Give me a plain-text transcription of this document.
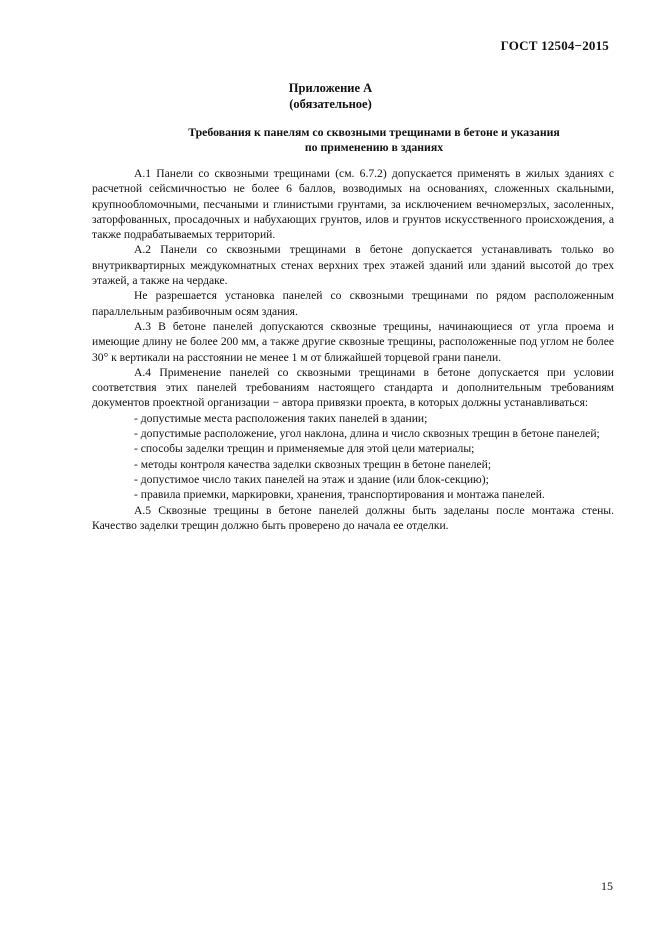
ГОСТ 12504−2015
Приложение А
(обязательное)
Требования к панелям со сквозными трещинами в бетоне и указания
по применению в зданиях

А.1 Панели со сквозными трещинами (см. 6.7.2) допускается применять в жилых зданиях с расчетной сейсмичностью не более 6 баллов, возводимых на основаниях, сложенных скальными, крупнообломочными, песчаными и глинистыми грунтами, за исключением вечномерзлых, засоленных, заторфованных, просадочных и набухающих грунтов, илов и грунтов искусственного происхождения, а также подрабатываемых территорий.

А.2 Панели со сквозными трещинами в бетоне допускается устанавливать только во внутриквартирных междукомнатных стенах верхних трех этажей зданий или зданий высотой до трех этажей, а также на чердаке.

Не разрешается установка панелей со сквозными трещинами по рядом расположенным параллельным разбивочным осям здания.

А.3 В бетоне панелей допускаются сквозные трещины, начинающиеся от угла проема и имеющие длину не более 200 мм, а также другие сквозные трещины, расположенные под углом не более 30° к вертикали на расстоянии не менее 1 м от ближайшей торцевой грани панели.

А.4 Применение панелей со сквозными трещинами в бетоне допускается при условии соответствия этих панелей требованиям настоящего стандарта и дополнительным требованиям документов проектной организации − автора привязки проекта, в которых должны устанавливаться:

- допустимые места расположения таких панелей в здании;

- допустимые расположение, угол наклона, длина и число сквозных трещин в бетоне панелей;

- способы заделки трещин и применяемые для этой цели материалы;

- методы контроля качества заделки сквозных трещин в бетоне панелей;

- допустимое число таких панелей на этаж и здание (или блок-секцию);

- правила приемки, маркировки, хранения, транспортирования и монтажа панелей.

А.5 Сквозные трещины в бетоне панелей должны быть заделаны после монтажа стены. Качество заделки трещин должно быть проверено до начала ее отделки.

15
